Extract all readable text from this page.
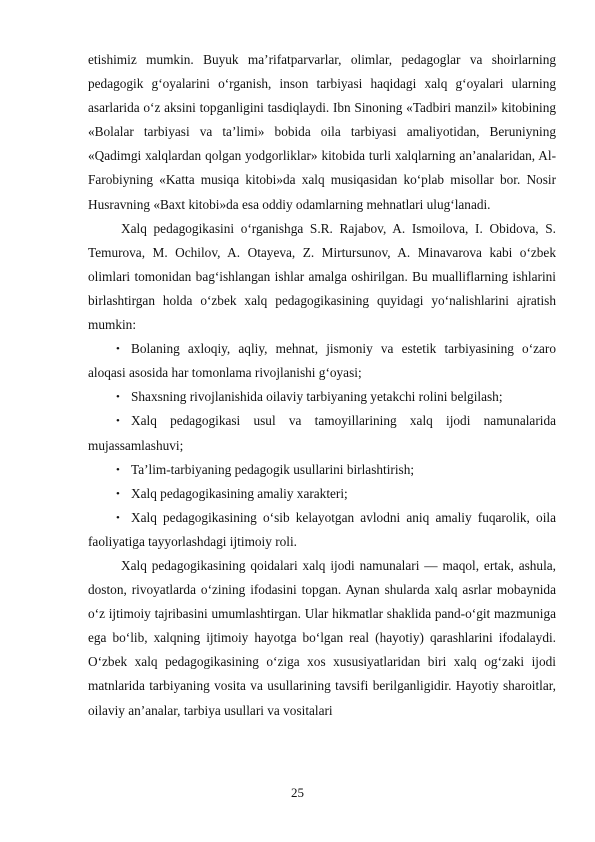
etishimiz mumkin. Buyuk ma’rifatparvarlar, olimlar, pedagoglar va shoirlarning pedagogik g‘oyalarini o‘rganish, inson tarbiyasi haqidagi xalq g‘oyalari ularning asarlarida o‘z aksini topganligini tasdiqlaydi. Ibn Sinoning «Tadbiri manzil» kitobining «Bolalar tarbiyasi va ta’limi» bobida oila tarbiyasi amaliyotidan, Beruniyning «Qadimgi xalqlardan qolgan yodgorliklar» kitobida turli xalqlarning an’analaridan, Al-Farobiyning «Katta musiqa kitobi»da xalq musiqasidan ko‘plab misollar bor. Nosir Husravning «Baxt kitobi»da esa oddiy odamlarning mehnatlari ulug‘lanadi.

Xalq pedagogikasini o‘rganishga S.R. Rajabov, A. Ismoilova, I. Obidova, S. Temurova, M. Ochilov, A. Otayeva, Z. Mirtursunov, A. Minavarova kabi o‘zbek olimlari tomonidan bag‘ishlangan ishlar amalga oshirilgan. Bu mualliflarning ishlarini birlashtirgan holda o‘zbek xalq pedagogikasining quyidagi yo‘nalishlarini ajratish mumkin:

• Bolaning axloqiy, aqliy, mehnat, jismoniy va estetik tarbiyasining o‘zaro aloqasi asosida har tomonlama rivojlanishi g‘oyasi;

• Shaxsning rivojlanishida oilaviy tarbiyaning yetakchi rolini belgilash;

• Xalq pedagogikasi usul va tamoyillarining xalq ijodi namunalarida mujassamlashuvi;

• Ta’lim-tarbiyaning pedagogik usullarini birlashtirish;

• Xalq pedagogikasining amaliy xarakteri;

• Xalq pedagogikasining o‘sib kelayotgan avlodni aniq amaliy fuqarolik, oila faoliyatiga tayyorlashdagi ijtimoiy roli.

Xalq pedagogikasining qoidalari xalq ijodi namunalari — maqol, ertak, ashula, doston, rivoyatlarda o‘zining ifodasini topgan. Aynan shularda xalq asrlar mobaynida o‘z ijtimoiy tajribasini umumlashtirgan. Ular hikmatlar shaklida pand-o‘git mazmuniga ega bo‘lib, xalqning ijtimoiy hayotga bo‘lgan real (hayotiy) qarashlarini ifodalaydi. O‘zbek xalq pedagogikasining o‘ziga xos xususiyatlaridan biri xalq og‘zaki ijodi matnlarida tarbiyaning vosita va usullarining tavsifi berilganligidir. Hayotiy sharoitlar, oilaviy an’analar, tarbiya usullari va vositalari

25
